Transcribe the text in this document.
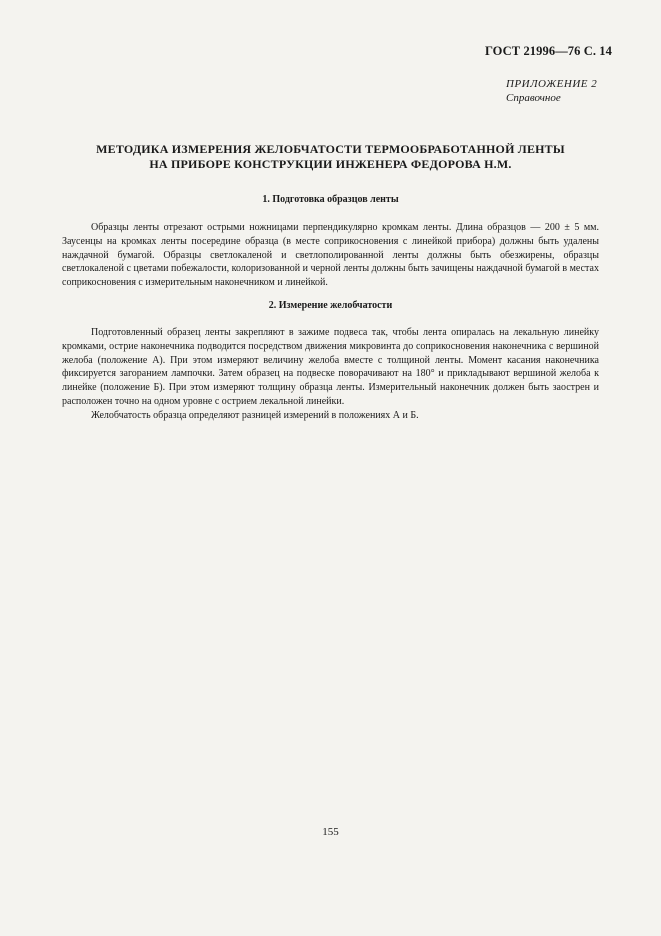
ГОСТ 21996—76 С. 14
ПРИЛОЖЕНИЕ 2
Справочное
МЕТОДИКА ИЗМЕРЕНИЯ ЖЕЛОБЧАТОСТИ ТЕРМООБРАБОТАННОЙ ЛЕНТЫ
НА ПРИБОРЕ КОНСТРУКЦИИ ИНЖЕНЕРА ФЕДОРОВА Н.М.
1. Подготовка образцов ленты

Образцы ленты отрезают острыми ножницами перпендикулярно кромкам ленты. Длина образцов — 200 ± 5 мм. Заусенцы на кромках ленты посередине образца (в месте соприкосновения с линейкой прибора) должны быть удалены наждачной бумагой. Образцы светлокаленой и светлополированной ленты должны быть обезжирены, образцы светлокаленой с цветами побежалости, колоризованной и черной ленты должны быть зачищены наждачной бумагой в местах соприкосновения с измерительным наконечником и линейкой.

2. Измерение желобчатости

Подготовленный образец ленты закрепляют в зажиме подвеса так, чтобы лента опиралась на лекальную линейку кромками, острие наконечника подводится посредством движения микровинта до соприкосновения наконечника с вершиной желоба (положение А). При этом измеряют величину желоба вместе с толщиной ленты. Момент касания наконечника фиксируется загоранием лампочки. Затем образец на подвеске поворачивают на 180° и прикладывают вершиной желоба к линейке (положение Б). При этом измеряют толщину образца ленты. Измерительный наконечник должен быть заострен и расположен точно на одном уровне с острием лекальной линейки.

Желобчатость образца определяют разницей измерений в положениях А и Б.

155
